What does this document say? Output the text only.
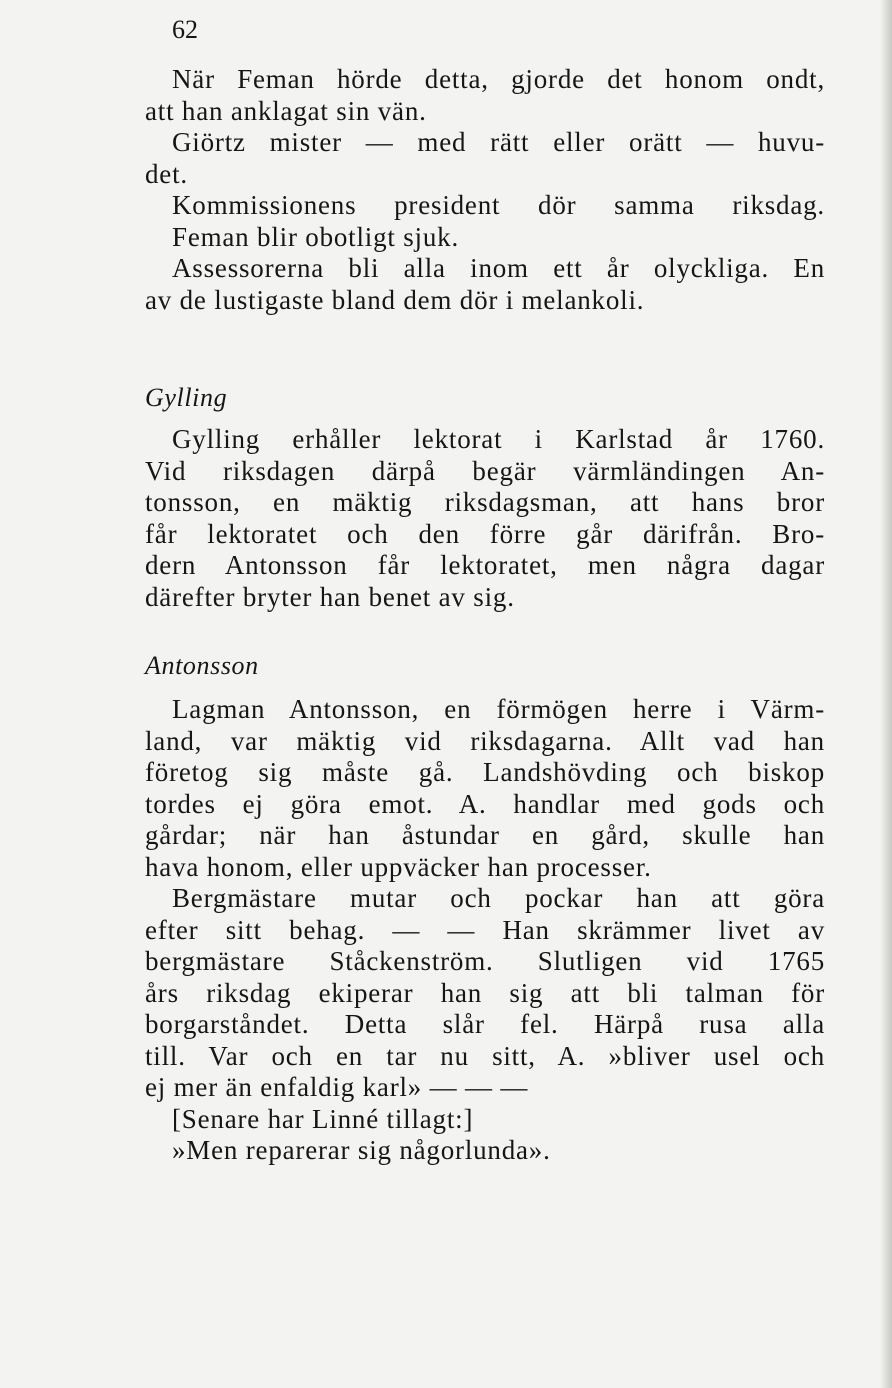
62
När Feman hörde detta, gjorde det honom ondt,
att han anklagat sin vän.
Giörtz mister — med rätt eller orätt — huvu-
det.
Kommissionens president dör samma riksdag.
Feman blir obotligt sjuk.
Assessorerna bli alla inom ett år olyckliga. En
av de lustigaste bland dem dör i melankoli.
Gylling
Gylling erhåller lektorat i Karlstad år 1760.
Vid riksdagen därpå begär värmländingen An-
tonsson, en mäktig riksdagsman, att hans bror
får lektoratet och den förre går därifrån. Bro-
dern Antonsson får lektoratet, men några dagar
därefter bryter han benet av sig.
Antonsson
Lagman Antonsson, en förmögen herre i Värm-
land, var mäktig vid riksdagarna. Allt vad han
företog sig måste gå. Landshövding och biskop
tordes ej göra emot. A. handlar med gods och
gårdar; när han åstundar en gård, skulle han
hava honom, eller uppväcker han processer.
Bergmästare mutar och pockar han att göra
efter sitt behag. — — Han skrämmer livet av
bergmästare Ståckenström. Slutligen vid 1765
års riksdag ekiperar han sig att bli talman för
borgarståndet. Detta slår fel. Härpå rusa alla
till. Var och en tar nu sitt, A. »bliver usel och
ej mer än enfaldig karl» — — —
[Senare har Linné tillagt:]
»Men reparerar sig någorlunda».
